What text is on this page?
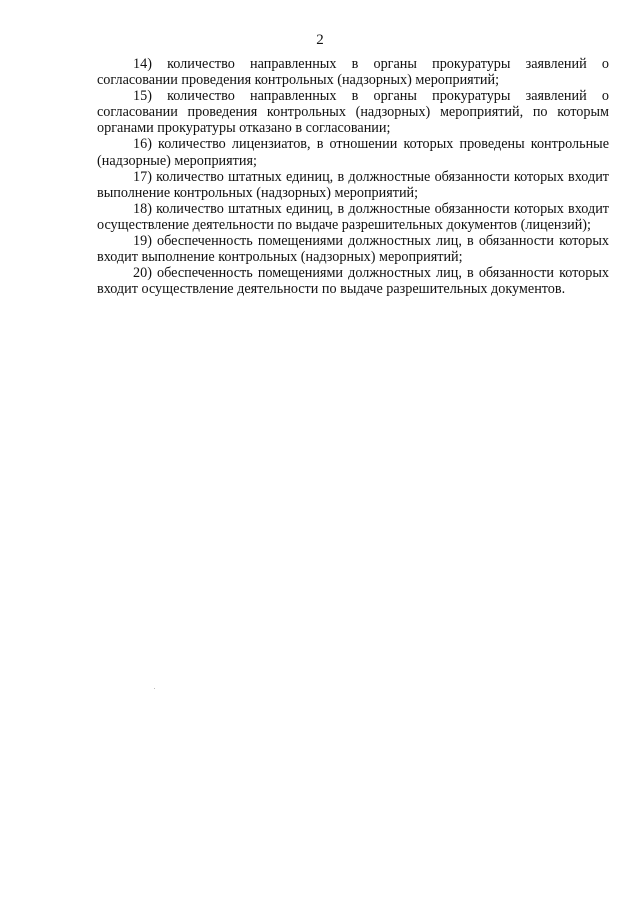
2

14) количество направленных в органы прокуратуры заявлений о согласовании проведения контрольных (надзорных) мероприятий;

15) количество направленных в органы прокуратуры заявлений о согласовании проведения контрольных (надзорных) мероприятий, по которым органами прокуратуры отказано в согласовании;

16) количество лицензиатов, в отношении которых проведены контрольные (надзорные) мероприятия;

17) количество штатных единиц, в должностные обязанности которых входит выполнение контрольных (надзорных) мероприятий;

18) количество штатных единиц, в должностные обязанности которых входит осуществление деятельности по выдаче разрешительных документов (лицензий);

19) обеспеченность помещениями должностных лиц, в обязанности которых входит выполнение контрольных (надзорных) мероприятий;

20) обеспеченность помещениями должностных лиц, в обязанности которых входит осуществление деятельности по выдаче разрешительных документов.
